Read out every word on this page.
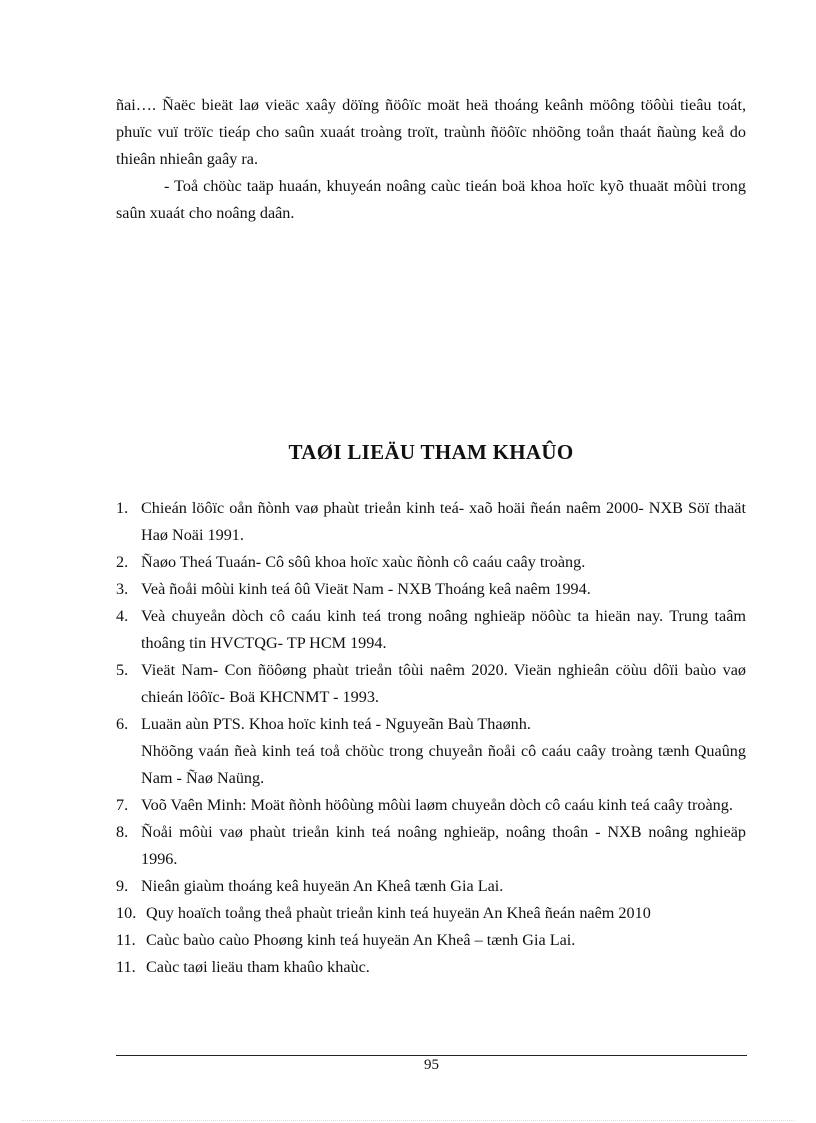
ñai…. Ñaëc bieät laø vieäc xaây döïng ñöôïc moät heä thoáng keânh möông töôùi tieâu toát, phuïc vuï tröïc tieáp cho saûn xuaát troàng troït, traùnh ñöôïc nhöõng toån thaát ñaùng keå do thieân nhieân gaây ra.

- Toå chöùc taäp huaán, khuyeán noâng caùc tieán boä khoa hoïc kyõ thuaät môùi trong saûn xuaát cho noâng daân.

TAØI LIEÄU THAM KHAÛO
1. Chieán löôïc oån ñònh vaø phaùt trieån kinh teá- xaõ hoäi ñeán naêm 2000- NXB Söï thaät Haø Noäi 1991.
2. Ñaøo Theá Tuaán- Cô sôû khoa hoïc xaùc ñònh cô caáu caây troàng.
3. Veà ñoåi môùi kinh teá ôû Vieät Nam - NXB Thoáng keâ naêm 1994.
4. Veà chuyeån dòch cô caáu kinh teá trong noâng nghieäp nöôùc ta hieän nay. Trung taâm thoâng tin HVCTQG- TP HCM 1994.
5. Vieät Nam- Con ñöôøng phaùt trieån tôùi naêm 2020. Vieän nghieân cöùu dôïi baùo vaø chieán löôïc- Boä KHCNMT - 1993.
6. Luaän aùn PTS. Khoa hoïc kinh teá - Nguyeãn Baù Thaønh.
Nhöõng vaán ñeà kinh teá toå chöùc trong chuyeån ñoåi cô caáu caây troàng tænh Quaûng Nam - Ñaø Naüng.
7. Voõ Vaên Minh: Moät ñònh höôùng môùi laøm chuyeån dòch cô caáu kinh teá caây troàng.
8. Ñoåi môùi vaø phaùt trieån kinh teá noâng nghieäp, noâng thoân - NXB noâng nghieäp 1996.
9. Nieân giaùm thoáng keâ huyeän An Kheâ tænh Gia Lai.
10. Quy hoaïch toång theå phaùt trieån kinh teá huyeän An Kheâ ñeán naêm 2010
11. Caùc baùo caùo Phoøng kinh teá huyeän An Kheâ – tænh Gia Lai.
11. Caùc taøi lieäu tham khaûo khaùc.
95
